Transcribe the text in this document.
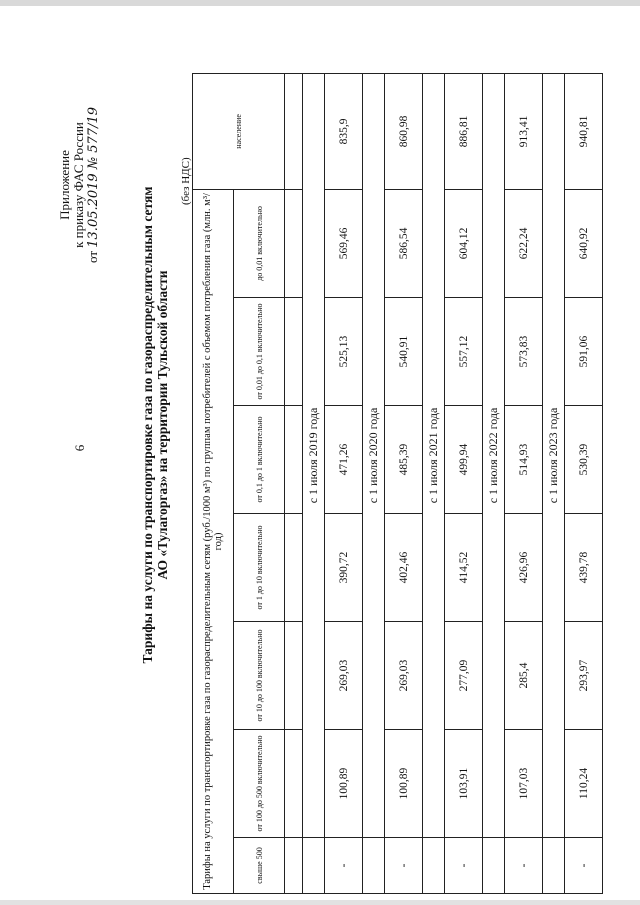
6
Приложение к приказу ФАС России
от 13.05.2019 № 577/19
Тарифы на услуги по транспортировке газа по газораспределительным сетям АО «Тулагоргаз» на территории Тульской области
(без НДС)
Тарифы на услуги по транспортировке газа по газораспределительным сетям (руб./1000 м³) по группам потребителей с объемом потребления газа (млн. м³/год)							население
свыше 500	от 100 до 500 включительно	от 10 до 100 включительно	от 1 до 10 включительно	от 0,1 до 1 включительно	от 0,01 до 0,1 включительно	до 0,01 включительно	

	с 1 июля 2019 года						
-	100,89	269,03	390,72	471,26	525,13	569,46	835,9
	с 1 июля 2020 года						
-	100,89	269,03	402,46	485,39	540,91	586,54	860,98
	с 1 июля 2021 года						
-	103,91	277,09	414,52	499,94	557,12	604,12	886,81
	с 1 июля 2022 года						
-	107,03	285,4	426,96	514,93	573,83	622,24	913,41
	с 1 июля 2023 года						
-	110,24	293,97	439,78	530,39	591,06	640,92	940,81
